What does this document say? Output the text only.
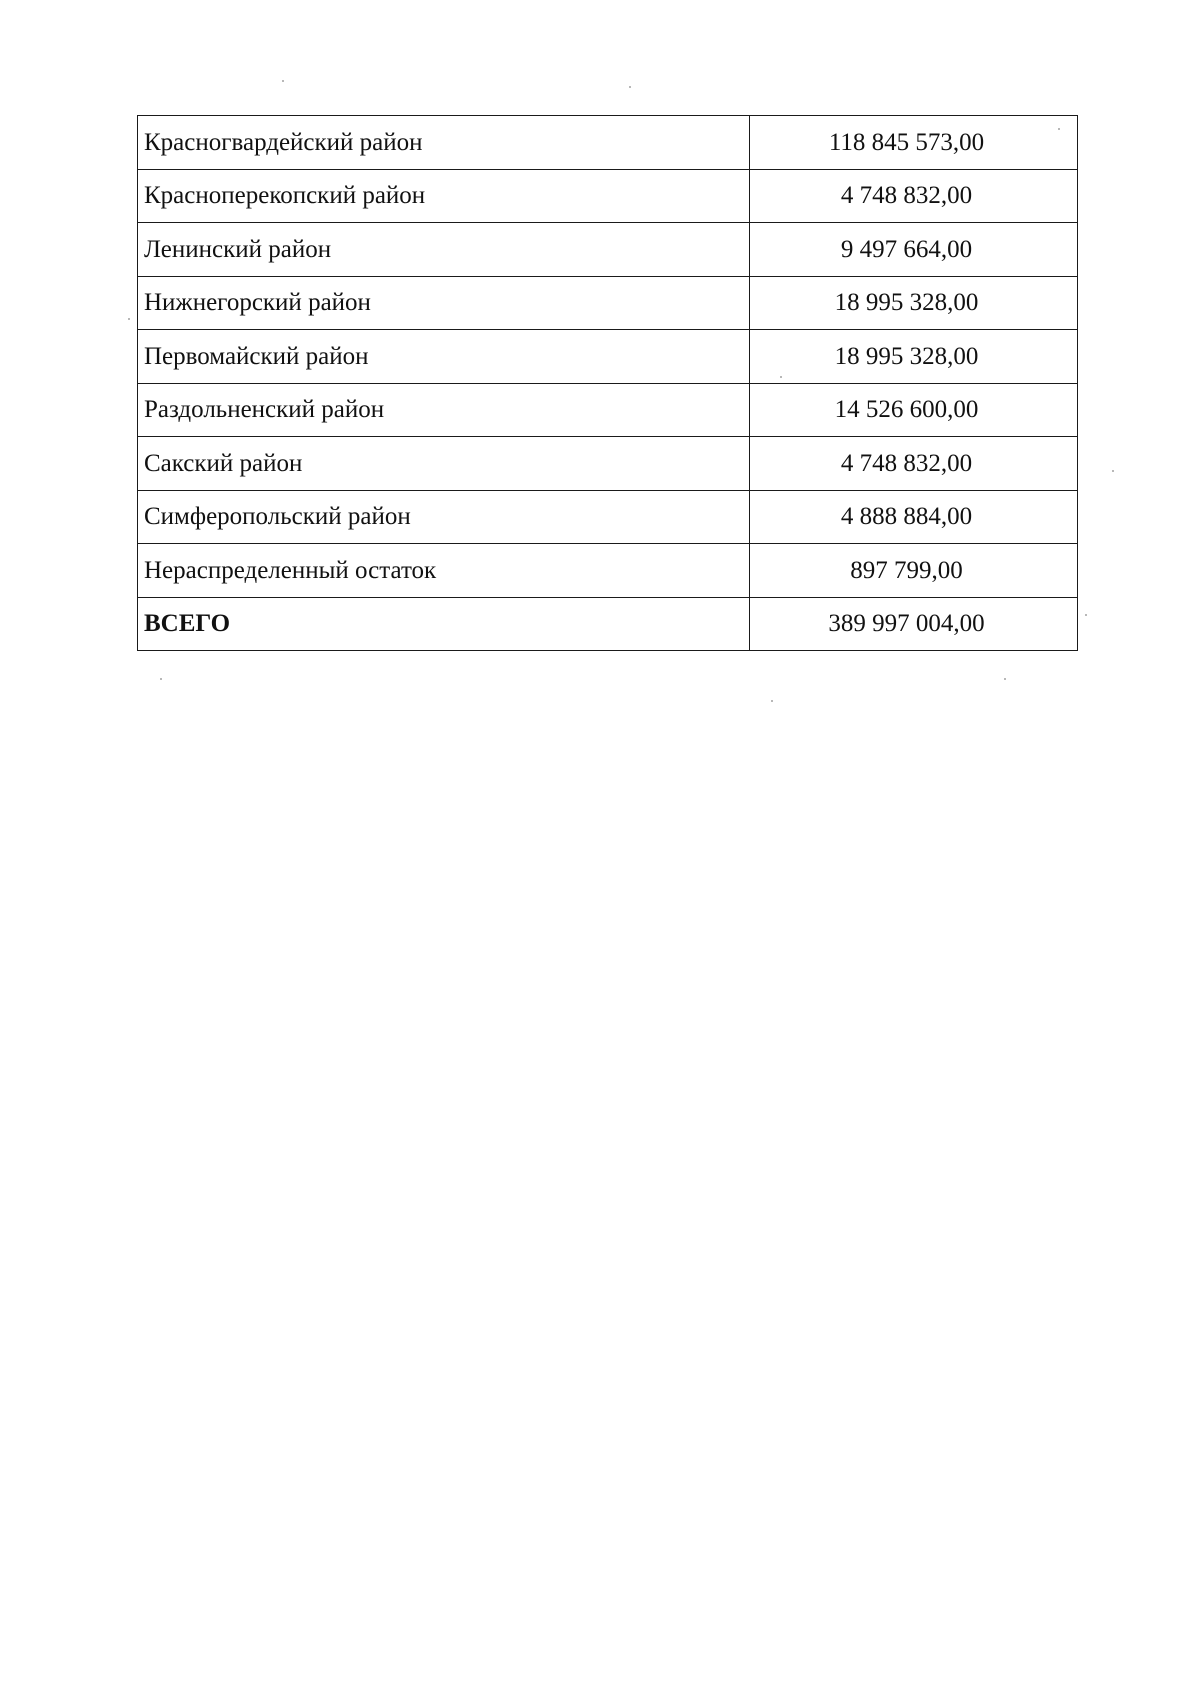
Красногвардейский район	118 845 573,00
Красноперекопский район	4 748 832,00
Ленинский район	9 497 664,00
Нижнегорский район	18 995 328,00
Первомайский район	18 995 328,00
Раздольненский район	14 526 600,00
Сакский район	4 748 832,00
Симферопольский район	4 888 884,00
Нераспределенный остаток	897 799,00
ВСЕГО	389 997 004,00
